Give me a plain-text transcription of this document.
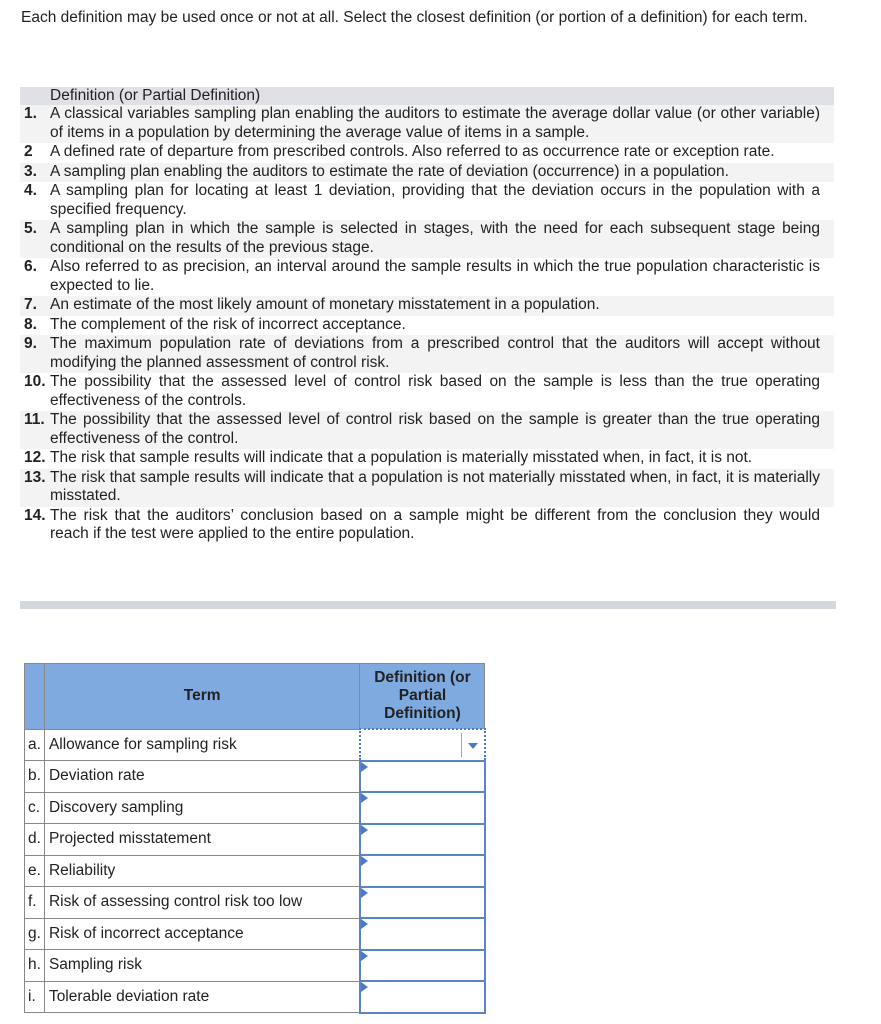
Each definition may be used once or not at all. Select the closest definition (or portion of a definition) for each term.
Definition (or Partial Definition)
1. A classical variables sampling plan enabling the auditors to estimate the average dollar value (or other variable) of items in a population by determining the average value of items in a sample.
2	A defined rate of departure from prescribed controls. Also referred to as occurrence rate or exception rate.
3. A sampling plan enabling the auditors to estimate the rate of deviation (occurrence) in a population.
4. A sampling plan for locating at least 1 deviation, providing that the deviation occurs in the population with a specified frequency.
5. A sampling plan in which the sample is selected in stages, with the need for each subsequent stage being conditional on the results of the previous stage.
6. Also referred to as precision, an interval around the sample results in which the true population characteristic is expected to lie.
7. An estimate of the most likely amount of monetary misstatement in a population.
8. The complement of the risk of incorrect acceptance.
9. The maximum population rate of deviations from a prescribed control that the auditors will accept without modifying the planned assessment of control risk.
10. The possibility that the assessed level of control risk based on the sample is less than the true operating effectiveness of the controls.
11. The possibility that the assessed level of control risk based on the sample is greater than the true operating effectiveness of the control.
12. The risk that sample results will indicate that a population is materially misstated when, in fact, it is not.
13. The risk that sample results will indicate that a population is not materially misstated when, in fact, it is materially misstated.
14. The risk that the auditors’ conclusion based on a sample might be different from the conclusion they would reach if the test were applied to the entire population.
	Term	Definition (or Partial Definition)
a.	Allowance for sampling risk	

b.	Deviation rate	

c.	Discovery sampling	

d.	Projected misstatement	

e.	Reliability	

f.	Risk of assessing control risk too low	

g.	Risk of incorrect acceptance	

h.	Sampling risk	

i.	Tolerable deviation rate	
